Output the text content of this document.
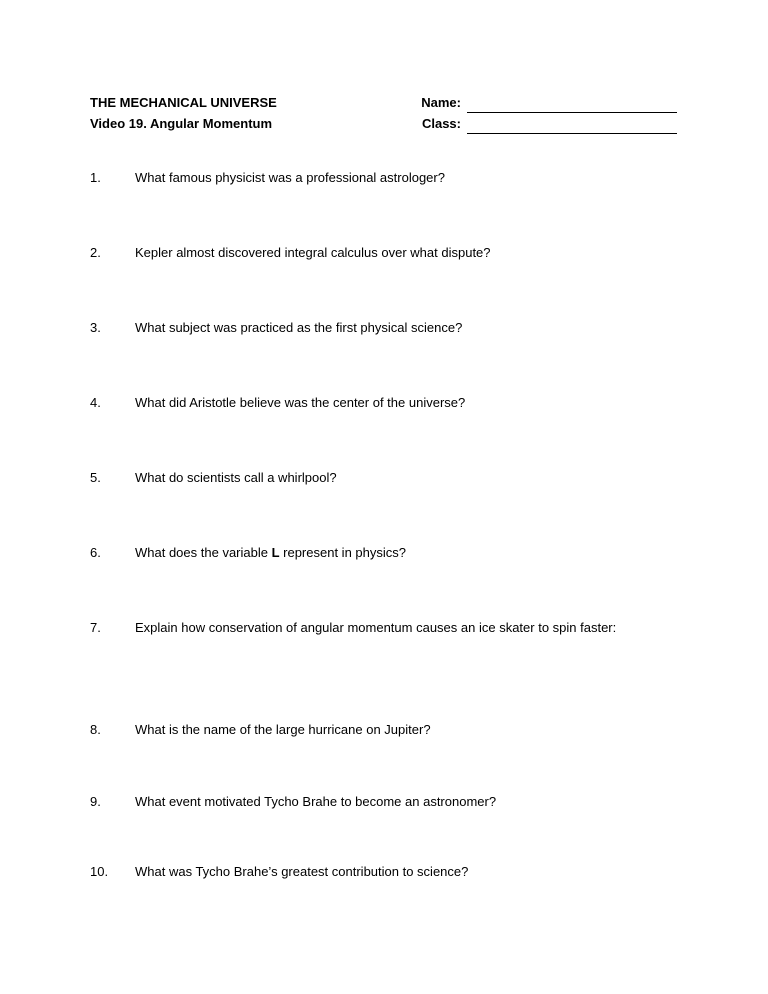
THE MECHANICAL UNIVERSE
Video 19. Angular Momentum
Name:
Class:
1.	What famous physicist was a professional astrologer?
2.	Kepler almost discovered integral calculus over what dispute?
3.	What subject was practiced as the first physical science?
4.	What did Aristotle believe was the center of the universe?
5.	What do scientists call a whirlpool?
6.	What does the variable L represent in physics?
7.	Explain how conservation of angular momentum causes an ice skater to spin faster:
8.	What is the name of the large hurricane on Jupiter?
9.	What event motivated Tycho Brahe to become an astronomer?
10.	What was Tycho Brahe’s greatest contribution to science?
